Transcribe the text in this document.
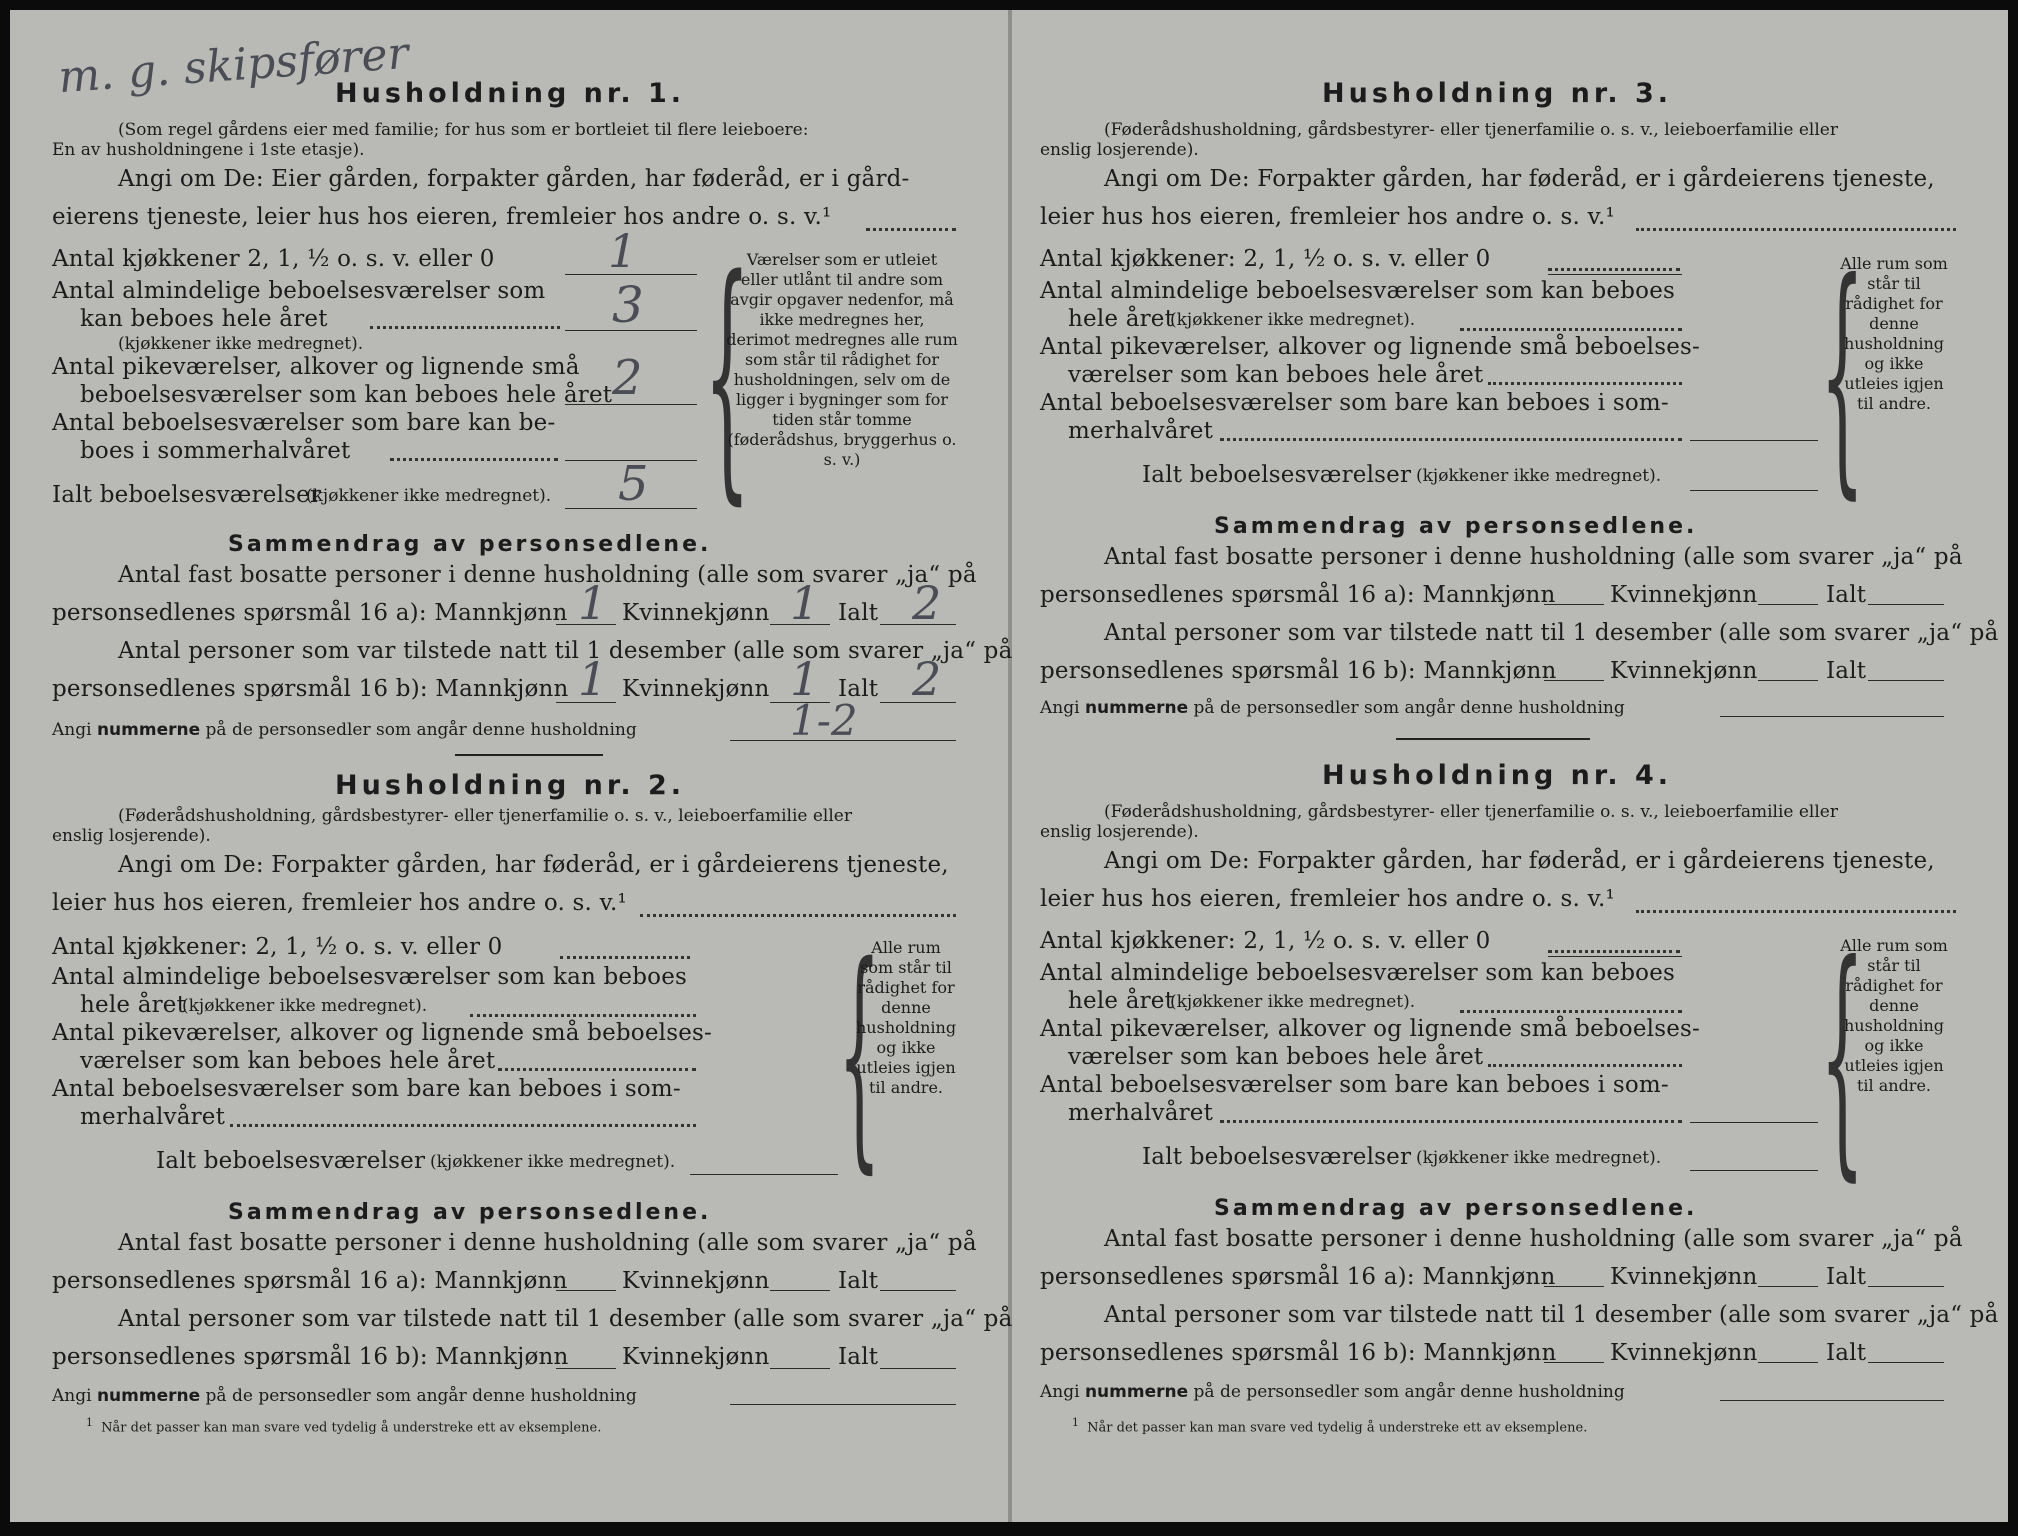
m. g. skipsfører
Husholdning nr. 1.
(Som regel gårdens eier med familie; for hus som er bortleiet til flere leieboere:
En av husholdningene i 1ste etasje).
Angi om De: Eier gården, forpakter gården, har føderåd, er i gård-
eierens tjeneste, leier hus hos eieren, fremleier hos andre o. s. v.¹
Antal kjøkkener 2, 1, ½ o. s. v. eller 0 1
Antal almindelige beboelsesværelser som
kan beboes hele året	3
(kjøkkener ikke medregnet).
Antal pikeværelser, alkover og lignende små
beboelsesværelser som kan beboes hele året 2
Antal beboelsesværelser som bare kan be-
boes i sommerhalvåret
Ialt beboelsesværelser
(kjøkkener ikke medregnet). 5 {
Værelser som er utleiet eller utlånt til andre som avgir opgaver nedenfor, må ikke medregnes her, derimot medregnes alle rum som står til rådighet for husholdningen, selv om de ligger i bygninger som for tiden står tomme (føderådshus, bryggerhus o. s. v.)
Sammendrag av personsedlene.
Antal fast bosatte personer i denne husholdning (alle som svarer „ja“ på
personsedlenes spørsmål 16 a): Mannkjønn 1 Kvinnekjønn 1 Ialt 2
Antal personer som var tilstede natt til 1 desember (alle som svarer „ja“ på
personsedlenes spørsmål 16 b): Mannkjønn 1 Kvinnekjønn 1 Ialt 2
Angi nummerne på de personsedler som angår denne husholdning	1-2
Husholdning nr. 2.
(Føderådshusholdning, gårdsbestyrer- eller tjenerfamilie o. s. v., leieboerfamilie eller
enslig losjerende).
Angi om De: Forpakter gården, har føderåd, er i gårdeierens tjeneste,
leier hus hos eieren, fremleier hos andre o. s. v.¹
Antal kjøkkener: 2, 1, ½ o. s. v. eller 0
Antal almindelige beboelsesværelser som kan beboes
hele året
(kjøkkener ikke medregnet).
Antal pikeværelser, alkover og lignende små beboelses-
værelser som kan beboes hele året
Antal beboelsesværelser som bare kan beboes i som-
merhalvåret
Ialt beboelsesværelser (kjøkkener ikke medregnet). {
Alle rum som står til rådighet for denne husholdning og ikke utleies igjen til andre.
Sammendrag av personsedlene.
Antal fast bosatte personer i denne husholdning (alle som svarer „ja“ på
personsedlenes spørsmål 16 a): Mannkjønn Kvinnekjønn	Ialt
Antal personer som var tilstede natt til 1 desember (alle som svarer „ja“ på
personsedlenes spørsmål 16 b): Mannkjønn Kvinnekjønn	Ialt
Angi nummerne på de personsedler som angår denne husholdning
$^1$ Når det passer kan man svare ved tydelig å understreke ett av eksemplene.
Husholdning nr. 3.
(Føderådshusholdning, gårdsbestyrer- eller tjenerfamilie o. s. v., leieboerfamilie eller
enslig losjerende).
Angi om De: Forpakter gården, har føderåd, er i gårdeierens tjeneste,
leier hus hos eieren, fremleier hos andre o. s. v.¹
Antal kjøkkener: 2, 1, ½ o. s. v. eller 0
Antal almindelige beboelsesværelser som kan beboes
hele året
(kjøkkener ikke medregnet).
Antal pikeværelser, alkover og lignende små beboelses-
værelser som kan beboes hele året
Antal beboelsesværelser som bare kan beboes i som-
merhalvåret
Ialt beboelsesværelser (kjøkkener ikke medregnet). {
Alle rum som står til rådighet for denne husholdning og ikke utleies igjen til andre.
Sammendrag av personsedlene.
Antal fast bosatte personer i denne husholdning (alle som svarer „ja“ på
personsedlenes spørsmål 16 a): Mannkjønn Kvinnekjønn	Ialt
Antal personer som var tilstede natt til 1 desember (alle som svarer „ja“ på
personsedlenes spørsmål 16 b): Mannkjønn Kvinnekjønn	Ialt
Angi nummerne på de personsedler som angår denne husholdning
Husholdning nr. 4.
(Føderådshusholdning, gårdsbestyrer- eller tjenerfamilie o. s. v., leieboerfamilie eller
enslig losjerende).
Angi om De: Forpakter gården, har føderåd, er i gårdeierens tjeneste,
leier hus hos eieren, fremleier hos andre o. s. v.¹
Antal kjøkkener: 2, 1, ½ o. s. v. eller 0
Antal almindelige beboelsesværelser som kan beboes
hele året
(kjøkkener ikke medregnet).
Antal pikeværelser, alkover og lignende små beboelses-
værelser som kan beboes hele året
Antal beboelsesværelser som bare kan beboes i som-
merhalvåret
Ialt beboelsesværelser (kjøkkener ikke medregnet). {
Alle rum som står til rådighet for denne husholdning og ikke utleies igjen til andre.
Sammendrag av personsedlene.
Antal fast bosatte personer i denne husholdning (alle som svarer „ja“ på
personsedlenes spørsmål 16 a): Mannkjønn Kvinnekjønn	Ialt
Antal personer som var tilstede natt til 1 desember (alle som svarer „ja“ på
personsedlenes spørsmål 16 b): Mannkjønn Kvinnekjønn	Ialt
Angi nummerne på de personsedler som angår denne husholdning
$^1$ Når det passer kan man svare ved tydelig å understreke ett av eksemplene.
